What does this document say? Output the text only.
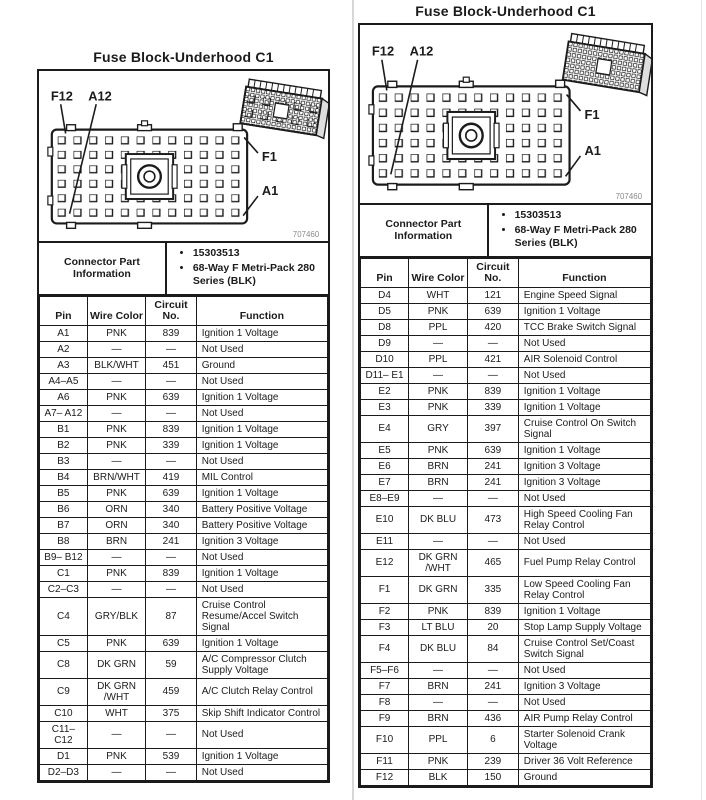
Fuse Block-Underhood C1
F12 A12
F1
A1
707460
Connector Part Information
• 15303513
• 68-Way F Metri-Pack 280 Series (BLK)
Pin	Wire Color	Circuit No.	Function
A1	PNK	839	Ignition 1 Voltage
A2	—	—	Not Used
A3	BLK/WHT	451	Ground
A4–A5	—	—	Not Used
A6	PNK	639	Ignition 1 Voltage
A7– A12	—	—	Not Used
B1	PNK	839	Ignition 1 Voltage
B2	PNK	339	Ignition 1 Voltage
B3	—	—	Not Used
B4	BRN/WHT	419	MIL Control
B5	PNK	639	Ignition 1 Voltage
B6	ORN	340	Battery Positive Voltage
B7	ORN	340	Battery Positive Voltage
B8	BRN	241	Ignition 3 Voltage
B9– B12	—	—	Not Used
C1	PNK	839	Ignition 1 Voltage
C2–C3	—	—	Not Used
C4	GRY/BLK	87	Cruise Control Resume/Accel Switch Signal
C5	PNK	639	Ignition 1 Voltage
C8	DK GRN	59	A/C Compressor Clutch Supply Voltage
C9	DK GRN /WHT	459	A/C Clutch Relay Control
C10	WHT	375	Skip Shift Indicator Control
C11– C12	—	—	Not Used
D1	PNK	539	Ignition 1 Voltage
D2–D3	—	—	Not Used
Fuse Block-Underhood C1
F12 A12
F1
A1
707460
Connector Part Information
• 15303513
• 68-Way F Metri-Pack 280 Series (BLK)
Pin	Wire Color	Circuit No.	Function
D4	WHT	121	Engine Speed Signal
D5	PNK	639	Ignition 1 Voltage
D8	PPL	420	TCC Brake Switch Signal
D9	—	—	Not Used
D10	PPL	421	AIR Solenoid Control
D11– E1	—	—	Not Used
E2	PNK	839	Ignition 1 Voltage
E3	PNK	339	Ignition 1 Voltage
E4	GRY	397	Cruise Control On Switch Signal
E5	PNK	639	Ignition 1 Voltage
E6	BRN	241	Ignition 3 Voltage
E7	BRN	241	Ignition 3 Voltage
E8–E9	—	—	Not Used
E10	DK BLU	473	High Speed Cooling Fan Relay Control
E11	—	—	Not Used
E12	DK GRN /WHT	465	Fuel Pump Relay Control
F1	DK GRN	335	Low Speed Cooling Fan Relay Control
F2	PNK	839	Ignition 1 Voltage
F3	LT BLU	20	Stop Lamp Supply Voltage
F4	DK BLU	84	Cruise Control Set/Coast Switch Signal
F5–F6	—	—	Not Used
F7	BRN	241	Ignition 3 Voltage
F8	—	—	Not Used
F9	BRN	436	AIR Pump Relay Control
F10	PPL	6	Starter Solenoid Crank Voltage
F11	PNK	239	Driver 36 Volt Reference
F12	BLK	150	Ground
